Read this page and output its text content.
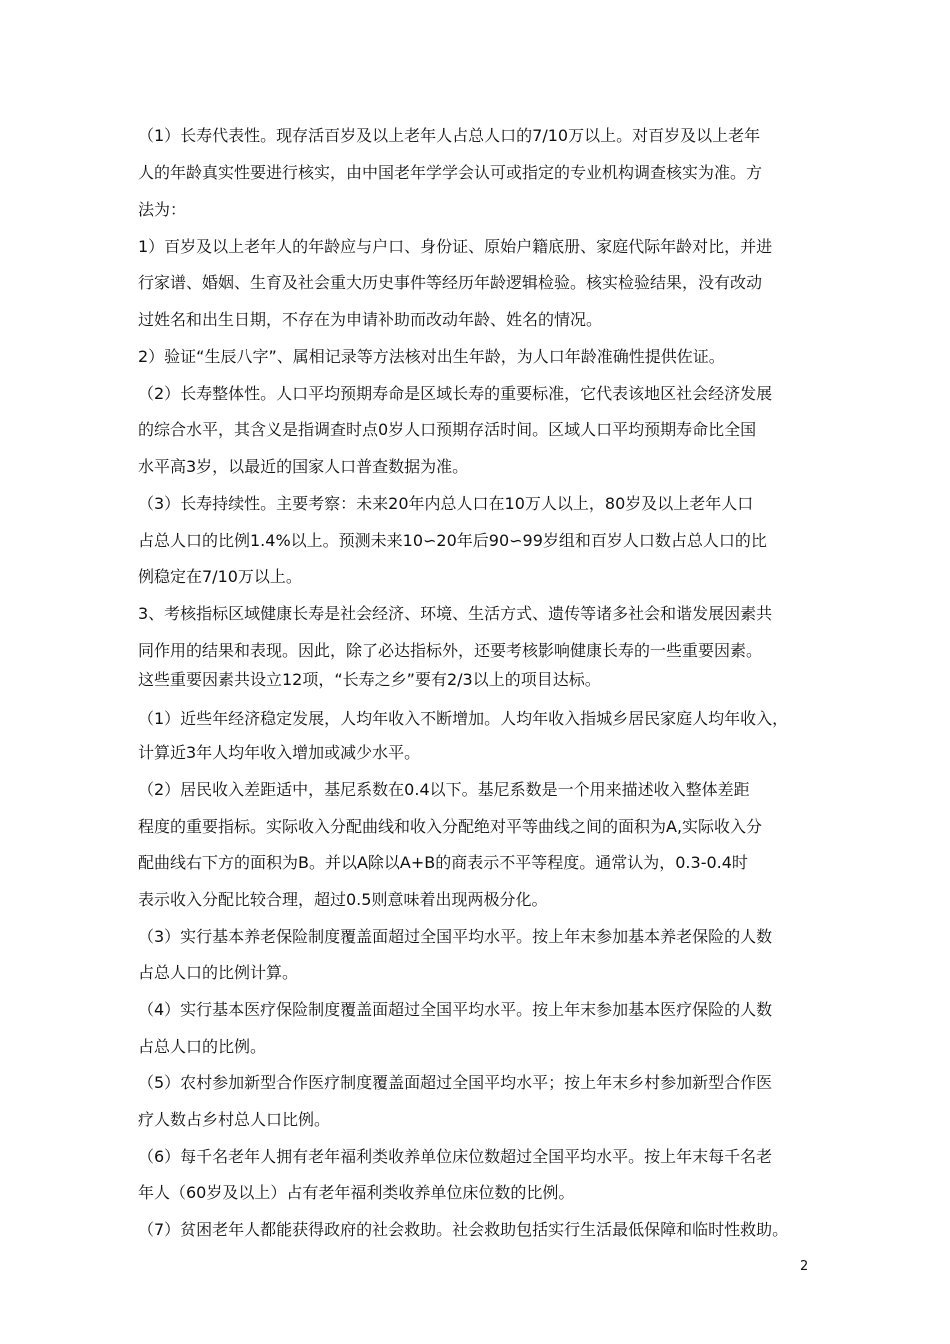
（1）长寿代表性。现存活百岁及以上老年人占总人口的7/10万以上。对百岁及以上老年
人的年龄真实性要进行核实，由中国老年学学会认可或指定的专业机构调查核实为准。方
法为：
1）百岁及以上老年人的年龄应与户口、身份证、原始户籍底册、家庭代际年龄对比，并进
行家谱、婚姻、生育及社会重大历史事件等经历年龄逻辑检验。核实检验结果，没有改动
过姓名和出生日期，不存在为申请补助而改动年龄、姓名的情况。
2）验证“生辰八字”、属相记录等方法核对出生年龄，为人口年龄准确性提供佐证。
（2）长寿整体性。人口平均预期寿命是区域长寿的重要标准，它代表该地区社会经济发展
的综合水平，其含义是指调查时点0岁人口预期存活时间。区域人口平均预期寿命比全国
水平高3岁，以最近的国家人口普查数据为准。
（3）长寿持续性。主要考察：未来20年内总人口在10万人以上，80岁及以上老年人口
占总人口的比例1.4%以上。预测未来10∽20年后90∽99岁组和百岁人口数占总人口的比
例稳定在7/10万以上。
3、考核指标区域健康长寿是社会经济、环境、生活方式、遗传等诸多社会和谐发展因素共
同作用的结果和表现。因此，除了必达指标外，还要考核影响健康长寿的一些重要因素。
这些重要因素共设立12项，“长寿之乡”要有2/3以上的项目达标。
（1）近些年经济稳定发展，人均年收入不断增加。人均年收入指城乡居民家庭人均年收入，
计算近3年人均年收入增加或减少水平。
（2）居民收入差距适中，基尼系数在0.4以下。基尼系数是一个用来描述收入整体差距
程度的重要指标。实际收入分配曲线和收入分配绝对平等曲线之间的面积为A,实际收入分
配曲线右下方的面积为B。并以A除以A+B的商表示不平等程度。通常认为，0.3-0.4时
表示收入分配比较合理，超过0.5则意味着出现两极分化。
（3）实行基本养老保险制度覆盖面超过全国平均水平。按上年末参加基本养老保险的人数
占总人口的比例计算。
（4）实行基本医疗保险制度覆盖面超过全国平均水平。按上年末参加基本医疗保险的人数
占总人口的比例。
（5）农村参加新型合作医疗制度覆盖面超过全国平均水平；按上年末乡村参加新型合作医
疗人数占乡村总人口比例。
（6）每千名老年人拥有老年福利类收养单位床位数超过全国平均水平。按上年末每千名老
年人（60岁及以上）占有老年福利类收养单位床位数的比例。
（7）贫困老年人都能获得政府的社会救助。社会救助包括实行生活最低保障和临时性救助。
2
